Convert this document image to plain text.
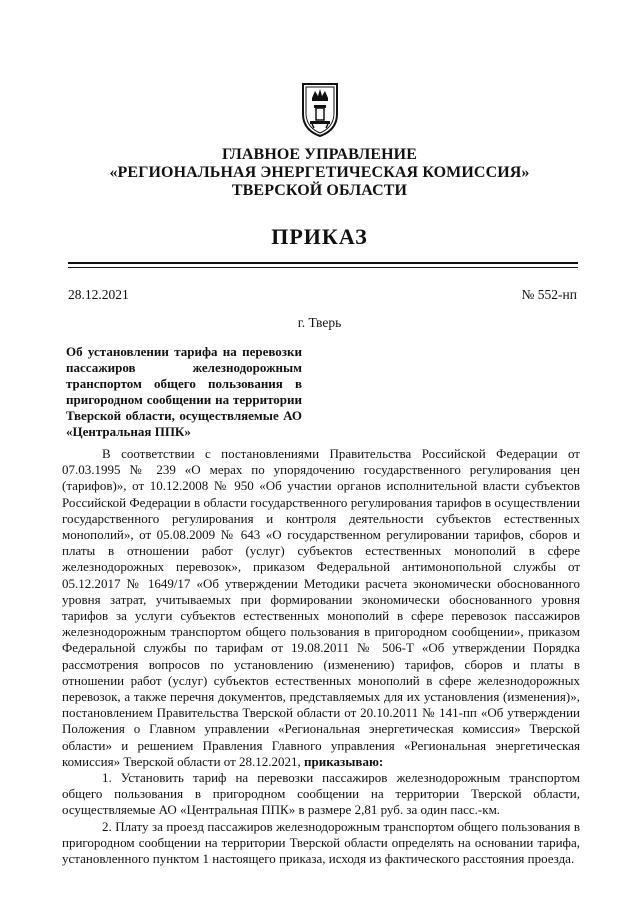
ГЛАВНОЕ УПРАВЛЕНИЕ
«РЕГИОНАЛЬНАЯ ЭНЕРГЕТИЧЕСКАЯ КОМИССИЯ»
ТВЕРСКОЙ ОБЛАСТИ
ПРИКАЗ
28.12.2021	№ 552-нп
г. Тверь
Об установлении тарифа на перевозки пассажиров железнодорожным транспортом общего пользования в пригородном сообщении на территории Тверской области, осуществляемые АО «Центральная ППК»

В соответствии с постановлениями Правительства Российской Федерации от 07.03.1995 № 239 «О мерах по упорядочению государственного регулирования цен (тарифов)», от 10.12.2008 № 950 «Об участии органов исполнительной власти субъектов Российской Федерации в области государственного регулирования тарифов в осуществлении государственного регулирования и контроля деятельности субъектов естественных монополий», от 05.08.2009 № 643 «О государственном регулировании тарифов, сборов и платы в отношении работ (услуг) субъектов естественных монополий в сфере железнодорожных перевозок», приказом Федеральной антимонопольной службы от 05.12.2017 № 1649/17 «Об утверждении Методики расчета экономически обоснованного уровня затрат, учитываемых при формировании экономически обоснованного уровня тарифов за услуги субъектов естественных монополий в сфере перевозок пассажиров железнодорожным транспортом общего пользования в пригородном сообщении», приказом Федеральной службы по тарифам от 19.08.2011 № 506-Т «Об утверждении Порядка рассмотрения вопросов по установлению (изменению) тарифов, сборов и платы в отношении работ (услуг) субъектов естественных монополий в сфере железнодорожных перевозок, а также перечня документов, представляемых для их установления (изменения)», постановлением Правительства Тверской области от 20.10.2011 № 141-пп «Об утверждении Положения о Главном управлении «Региональная энергетическая комиссия» Тверской области» и решением Правления Главного управления «Региональная энергетическая комиссия» Тверской области от 28.12.2021, приказываю:

1. Установить тариф на перевозки пассажиров железнодорожным транспортом общего пользования в пригородном сообщении на территории Тверской области, осуществляемые АО «Центральная ППК» в размере 2,81 руб. за один пасс.-км.

2. Плату за проезд пассажиров железнодорожным транспортом общего пользования в пригородном сообщении на территории Тверской области определять на основании тарифа, установленного пунктом 1 настоящего приказа, исходя из фактического расстояния проезда.
